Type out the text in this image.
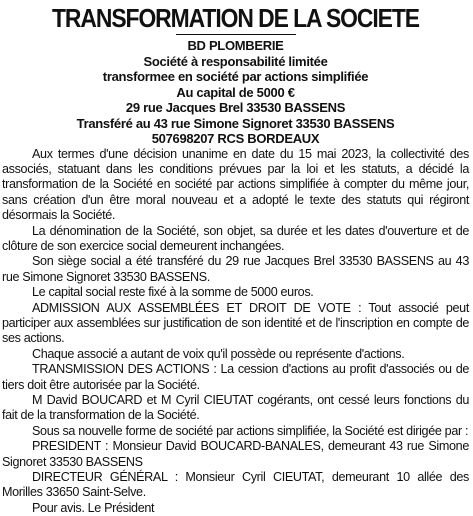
TRANSFORMATION DE LA SOCIETE
BD PLOMBERIE
Société à responsabilité limitée
transformee en société par actions simplifiée
Au capital de 5000 €
29 rue Jacques Brel 33530 BASSENS
Transféré au 43 rue Simone Signoret 33530 BASSENS
507698207 RCS BORDEAUX

Aux termes d'une décision unanime en date du 15 mai 2023, la collectivité des associés, statuant dans les conditions prévues par la loi et les statuts, a décidé la transformation de la Société en société par actions simplifiée à compter du même jour, sans création d'un être moral nouveau et a adopté le texte des statuts qui régiront désormais la Société.

La dénomination de la Société, son objet, sa durée et les dates d'ouverture et de clôture de son exercice social demeurent inchangées.

Son siège social a été transféré du 29 rue Jacques Brel 33530 BASSENS au 43 rue Simone Signoret 33530 BASSENS.

Le capital social reste fixé à la somme de 5000 euros.

ADMISSION AUX ASSEMBLÉES ET DROIT DE VOTE : Tout associé peut participer aux assemblées sur justification de son identité et de l'inscription en compte de ses actions.

Chaque associé a autant de voix qu'il possède ou représente d'actions.

TRANSMISSION DES ACTIONS : La cession d'actions au profit d'associés ou de tiers doit être autorisée par la Société.

M David BOUCARD et M Cyril CIEUTAT cogérants, ont cessé leurs fonctions du fait de la transformation de la Société.

Sous sa nouvelle forme de société par actions simplifiée, la Société est dirigée par :

PRESIDENT : Monsieur David BOUCARD-BANALES, demeurant 43 rue Simone Signoret 33530 BASSENS

DIRECTEUR GÉNÉRAL : Monsieur Cyril CIEUTAT, demeurant 10 allée des Morilles 33650 Saint-Selve.

Pour avis. Le Président
